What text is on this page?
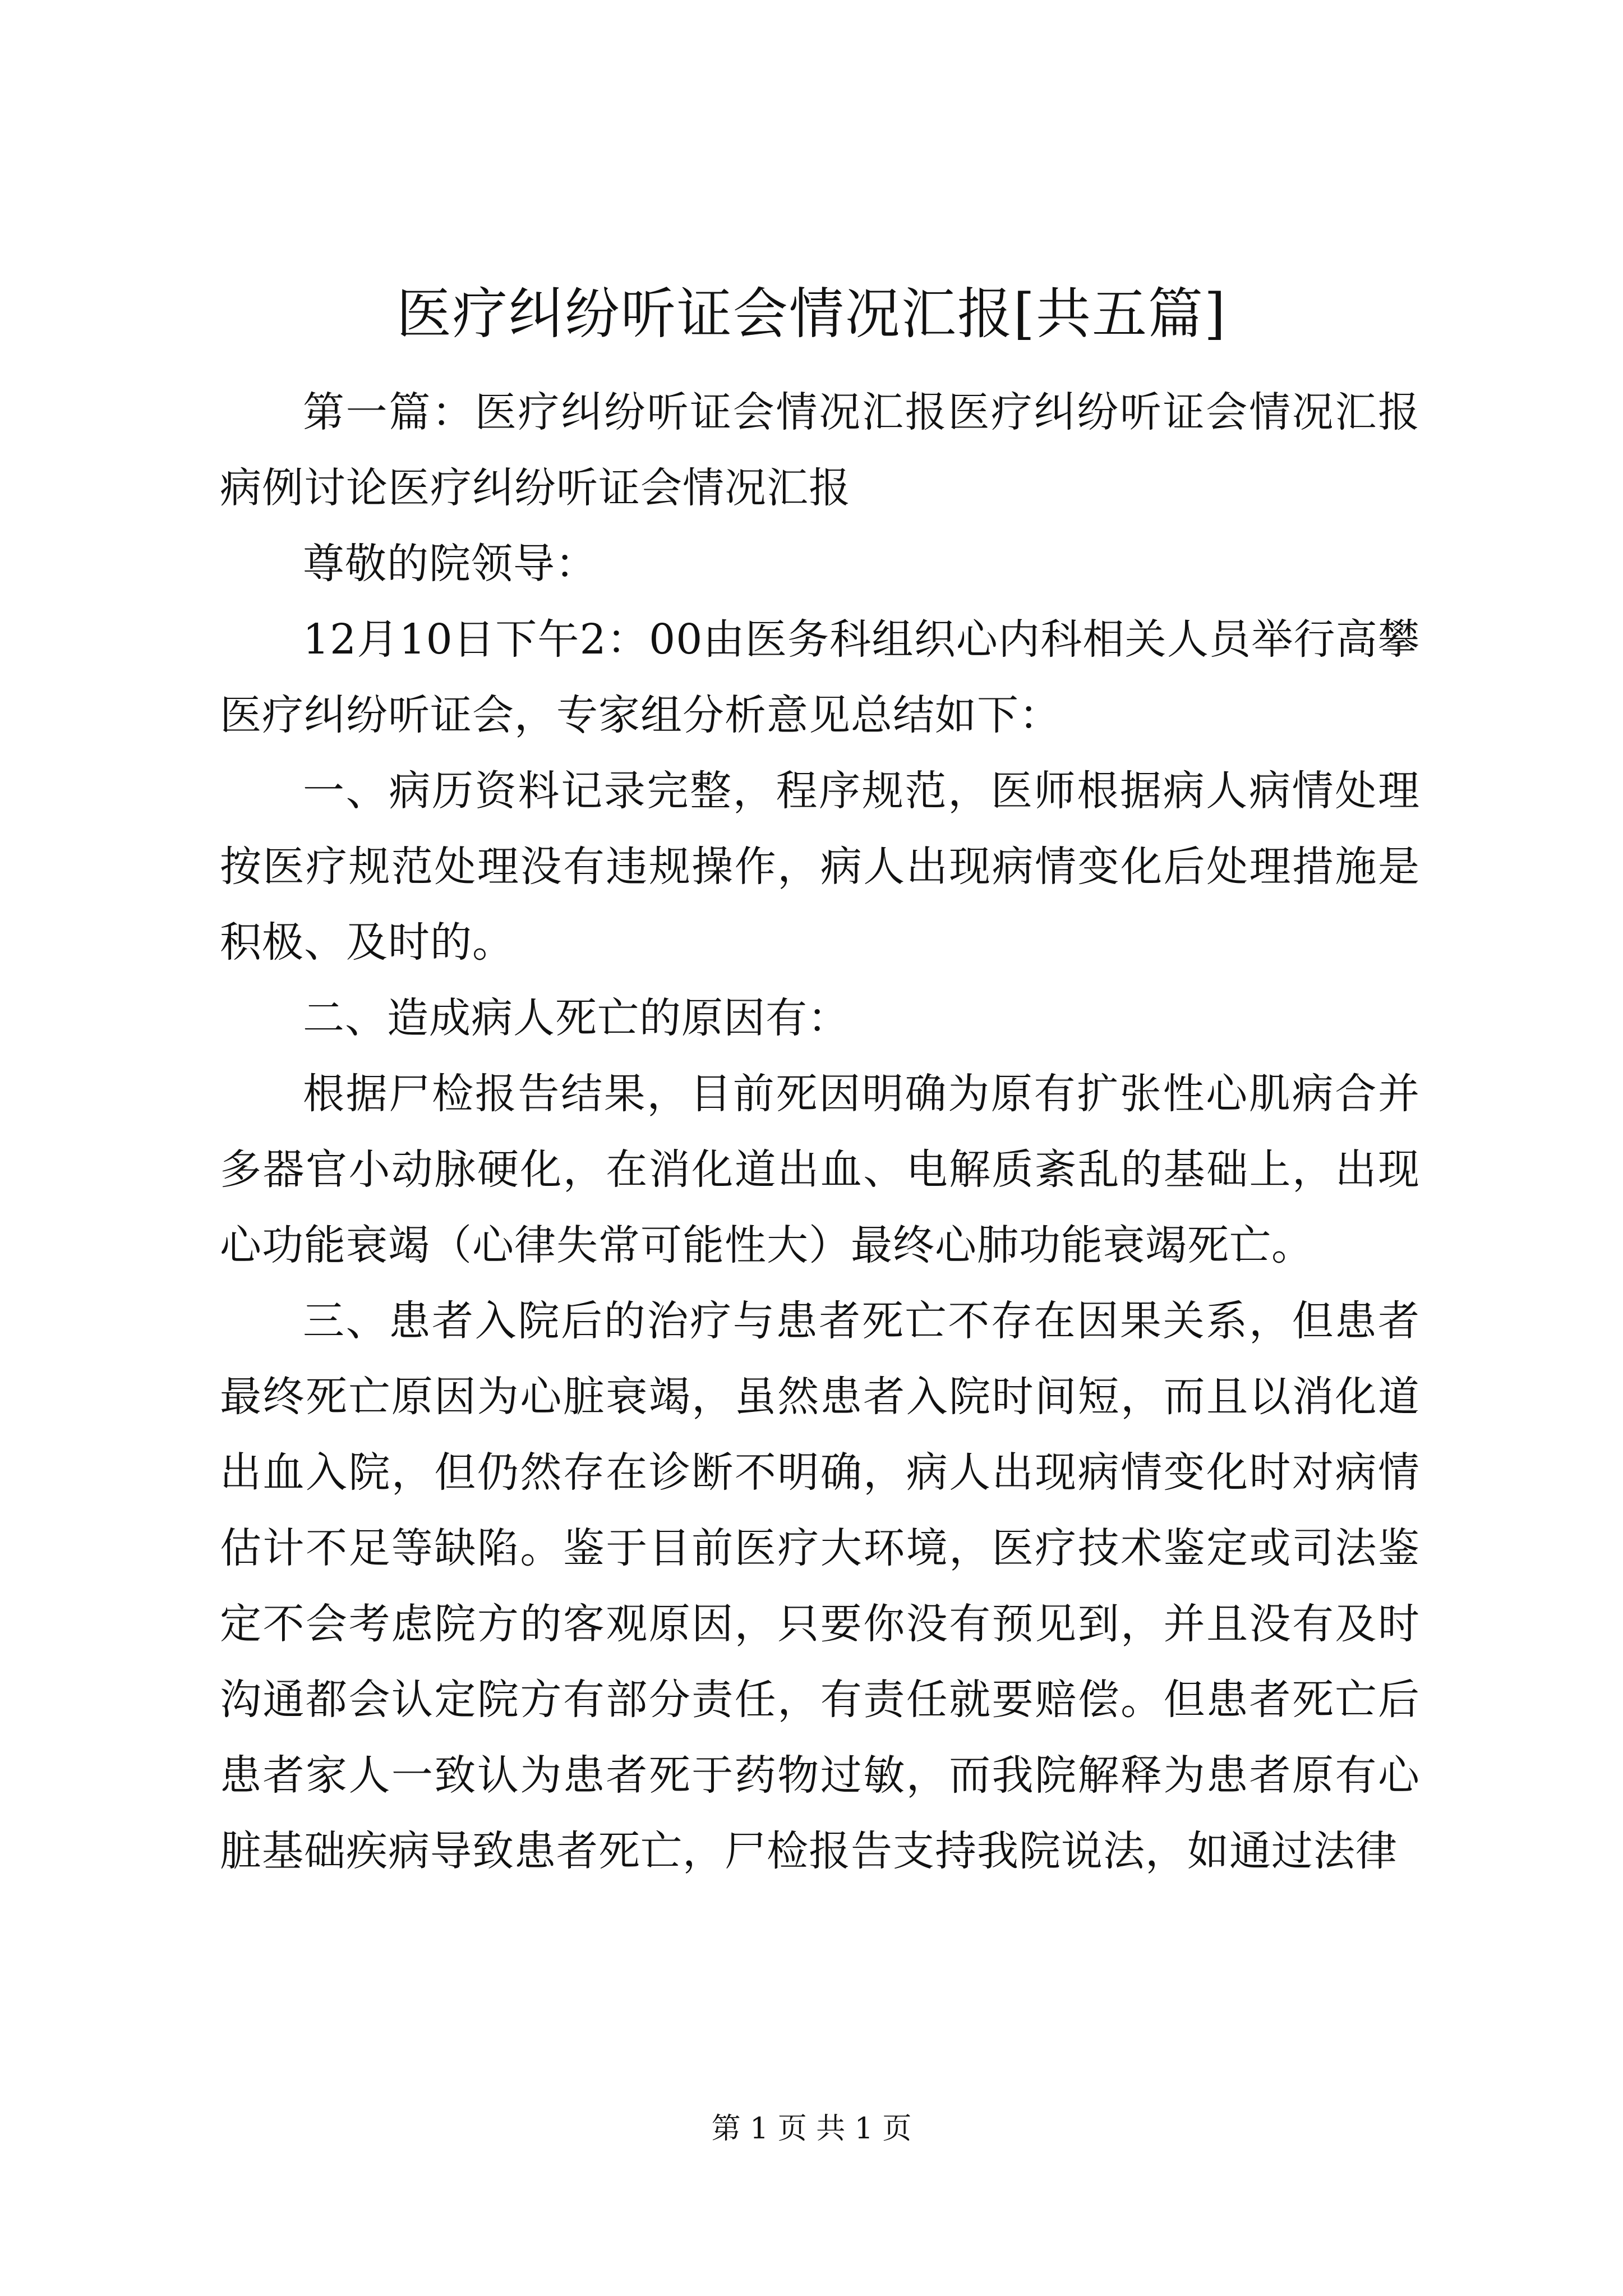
医疗纠纷听证会情况汇报[共五篇]

第一篇：医疗纠纷听证会情况汇报医疗纠纷听证会情况汇报病例讨论医疗纠纷听证会情况汇报

尊敬的院领导：

12月10日下午2：00由医务科组织心内科相关人员举行高攀医疗纠纷听证会，专家组分析意见总结如下：

一、病历资料记录完整，程序规范，医师根据病人病情处理按医疗规范处理没有违规操作，病人出现病情变化后处理措施是积极、及时的。

二、造成病人死亡的原因有：

根据尸检报告结果，目前死因明确为原有扩张性心肌病合并多器官小动脉硬化，在消化道出血、电解质紊乱的基础上，出现心功能衰竭（心律失常可能性大）最终心肺功能衰竭死亡。

三、患者入院后的治疗与患者死亡不存在因果关系，但患者最终死亡原因为心脏衰竭，虽然患者入院时间短，而且以消化道出血入院，但仍然存在诊断不明确，病人出现病情变化时对病情估计不足等缺陷。鉴于目前医疗大环境，医疗技术鉴定或司法鉴定不会考虑院方的客观原因，只要你没有预见到，并且没有及时沟通都会认定院方有部分责任，有责任就要赔偿。但患者死亡后患者家人一致认为患者死于药物过敏，而我院解释为患者原有心脏基础疾病导致患者死亡，尸检报告支持我院说法，如通过法律

第 1 页 共 1 页
